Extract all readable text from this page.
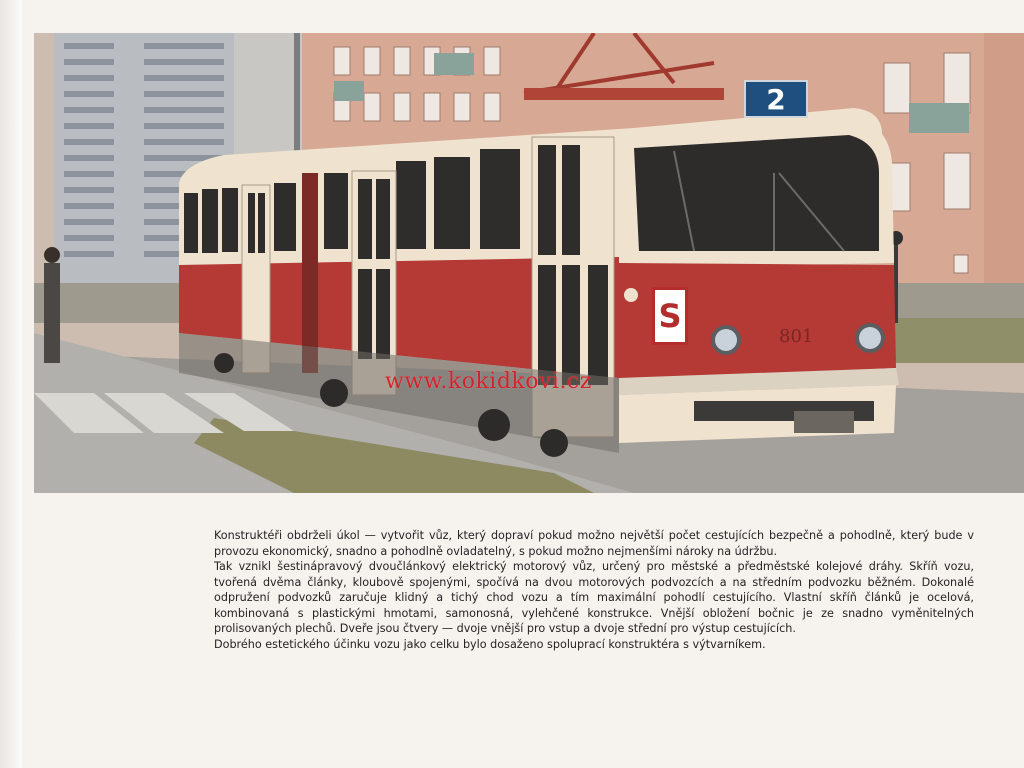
2
S
801
www.kokidkovi.cz

Konstruktéři obdrželi úkol — vytvořit vůz, který dopraví pokud možno největší počet cestujících bezpečně a pohodlně, který bude v provozu ekonomický, snadno a pohodlně ovladatelný, s pokud možno nejmenšími nároky na údržbu.

Tak vznikl šestinápravový dvoučlánkový elektrický motorový vůz, určený pro městské a předměstské kolejové dráhy. Skříň vozu, tvořená dvěma články, kloubově spojenými, spočívá na dvou motorových podvozcích a na středním podvozku běžném. Dokonalé odpružení podvozků zaručuje klidný a tichý chod vozu a tím maximální pohodlí cestujícího. Vlastní skříň článků je ocelová, kombinovaná s plastickými hmotami, samonosná, vylehčené konstrukce. Vnější obložení bočnic je ze snadno vyměnitelných prolisovaných plechů. Dveře jsou čtvery — dvoje vnější pro vstup a dvoje střední pro výstup cestujících.

Dobrého estetického účinku vozu jako celku bylo dosaženo spoluprací konstruktéra s výtvarníkem.
